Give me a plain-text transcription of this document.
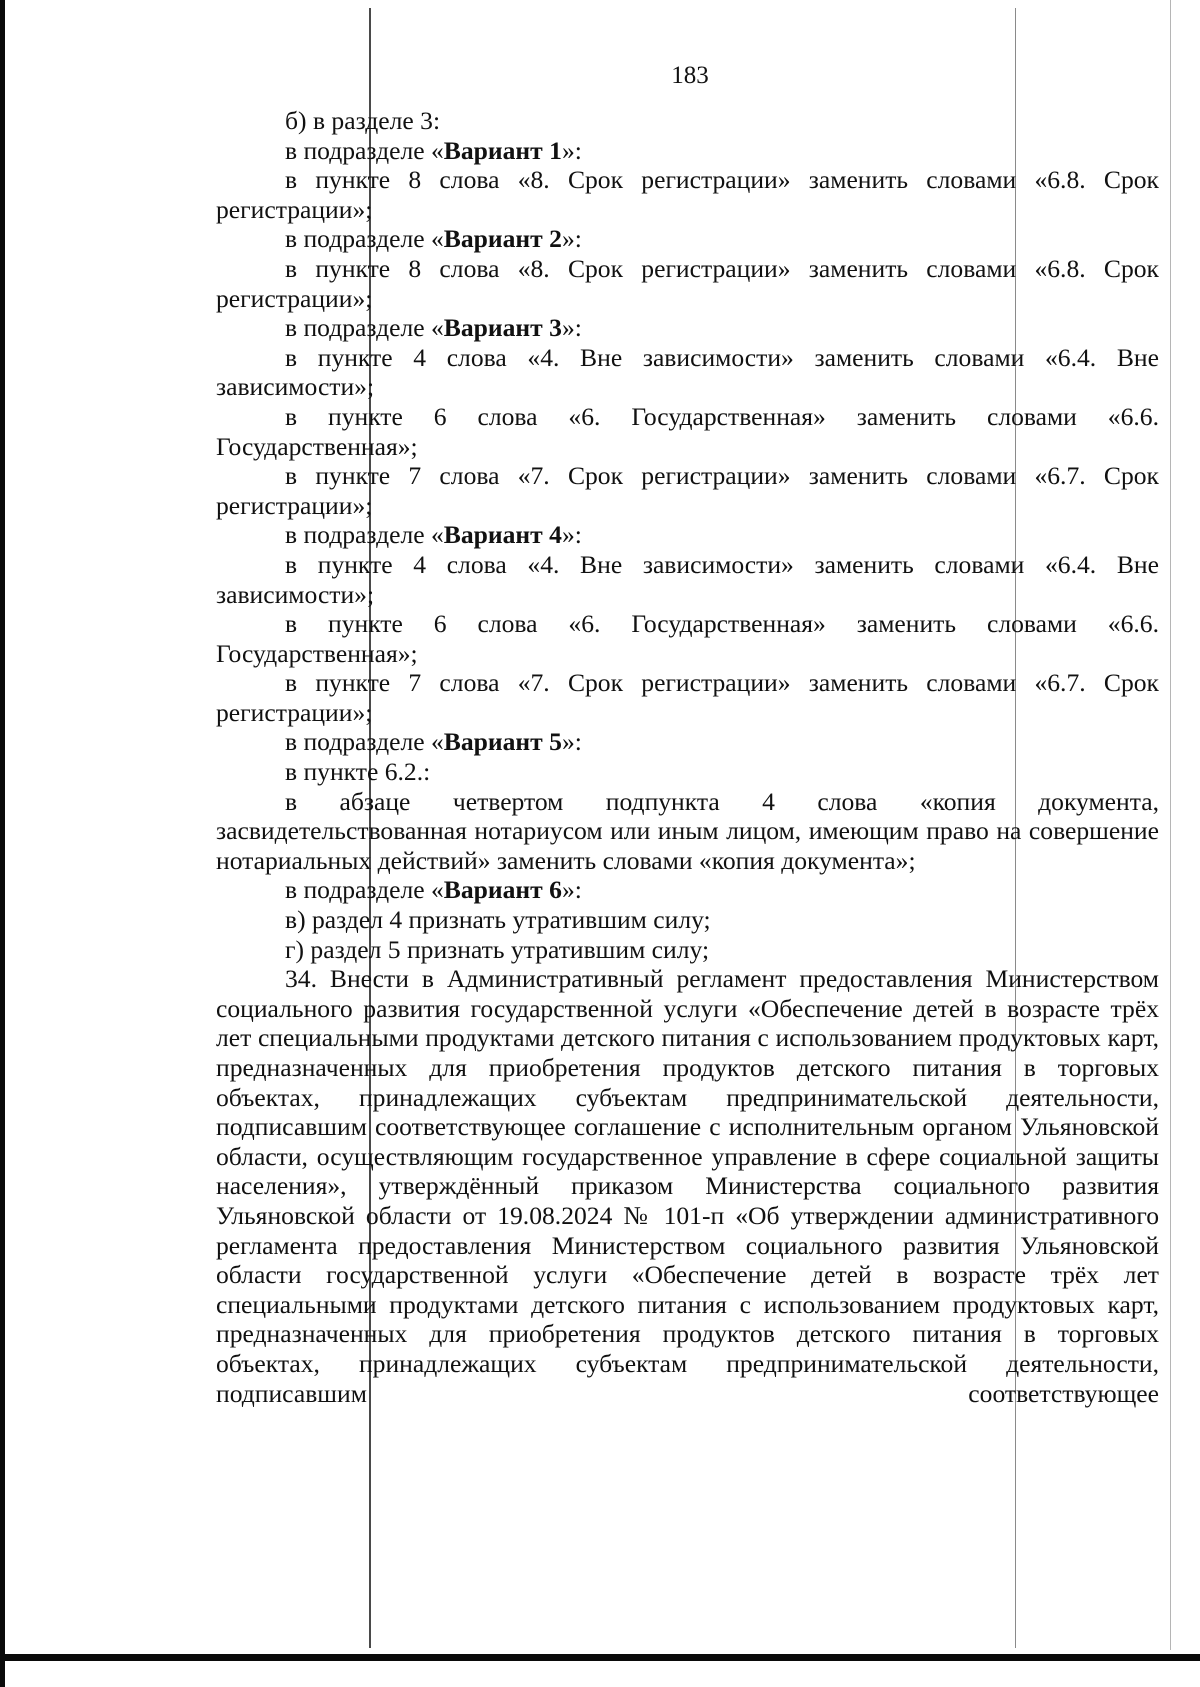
183
б) в разделе 3:
в подразделе «Вариант 1»:
в пункте 8 слова «8. Срок регистрации» заменить словами «6.8. Срок регистрации»;
в подразделе «Вариант 2»:
в пункте 8 слова «8. Срок регистрации» заменить словами «6.8. Срок регистрации»;
в подразделе «Вариант 3»:
в пункте 4 слова «4. Вне зависимости» заменить словами «6.4. Вне зависимости»;
в пункте 6 слова «6. Государственная» заменить словами «6.6. Государственная»;
в пункте 7 слова «7. Срок регистрации» заменить словами «6.7. Срок регистрации»;
в подразделе «Вариант 4»:
в пункте 4 слова «4. Вне зависимости» заменить словами «6.4. Вне зависимости»;
в пункте 6 слова «6. Государственная» заменить словами «6.6. Государственная»;
в пункте 7 слова «7. Срок регистрации» заменить словами «6.7. Срок регистрации»;
в подразделе «Вариант 5»:
в пункте 6.2.:
в абзаце четвертом подпункта 4 слова «копия документа, засвидетельствованная нотариусом или иным лицом, имеющим право на совершение нотариальных действий» заменить словами «копия документа»;
в подразделе «Вариант 6»:
в) раздел 4 признать утратившим силу;
г) раздел 5 признать утратившим силу;
34. Внести в Административный регламент предоставления Министерством социального развития государственной услуги «Обеспечение детей в возрасте трёх лет специальными продуктами детского питания с использованием продуктовых карт, предназначенных для приобретения продуктов детского питания в торговых объектах, принадлежащих субъектам предпринимательской деятельности, подписавшим соответствующее соглашение с исполнительным органом Ульяновской области, осуществляющим государственное управление в сфере социальной защиты населения», утверждённый приказом Министерства социального развития Ульяновской области от 19.08.2024 № 101-п «Об утверждении административного регламента предоставления Министерством социального развития Ульяновской области государственной услуги «Обеспечение детей в возрасте трёх лет специальными продуктами детского питания с использованием продуктовых карт, предназначенных для приобретения продуктов детского питания в торговых объектах, принадлежащих субъектам предпринимательской деятельности, подписавшим соответствующее
